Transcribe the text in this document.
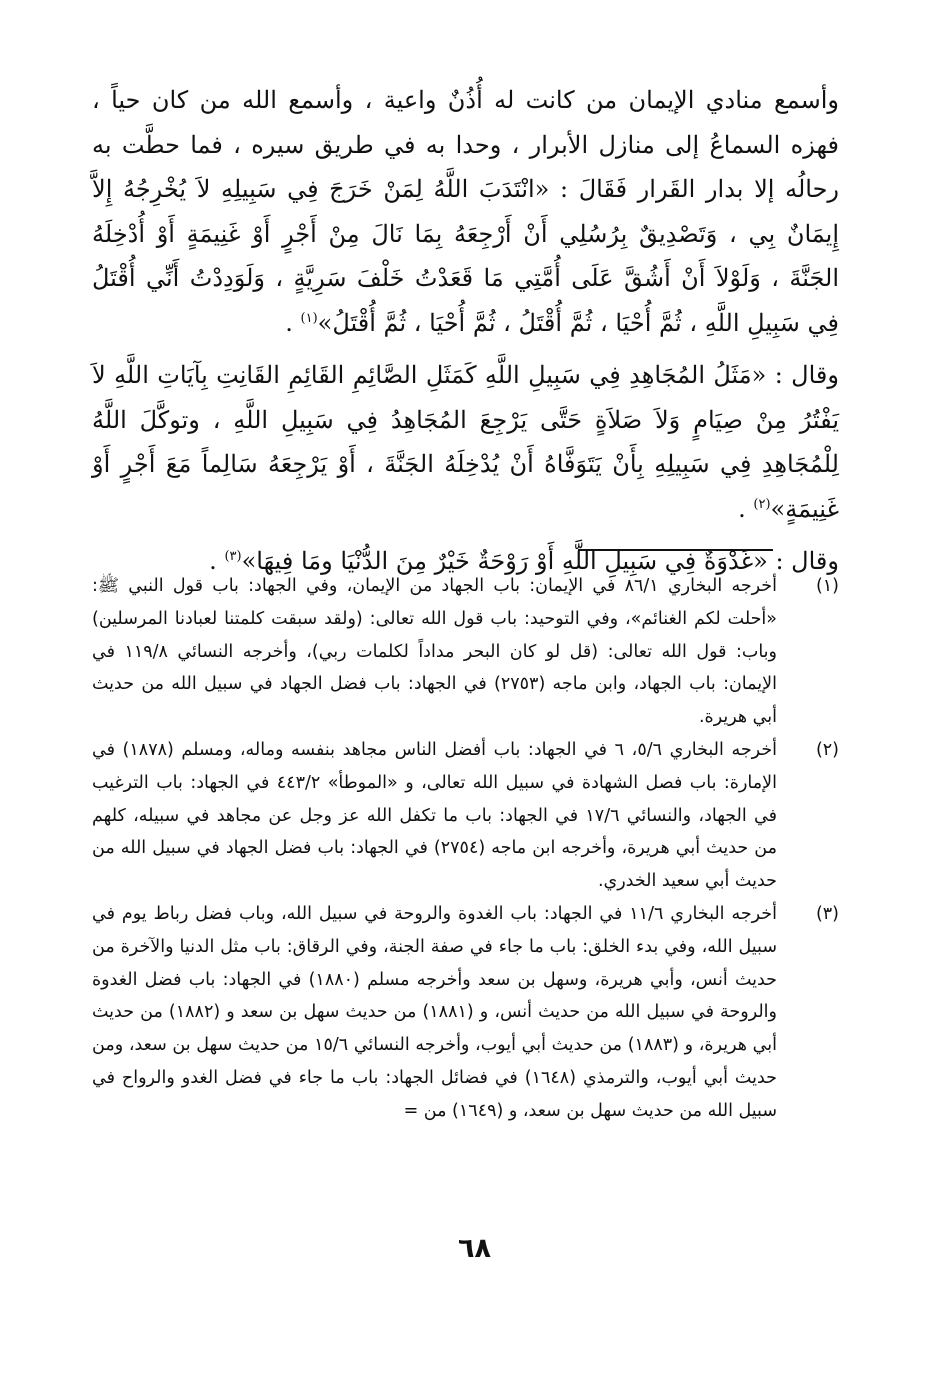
وأسمع منادي الإيمان من كانت له أُذُنٌ واعية ، وأسمع الله من كان حياً ، فهزه السماعُ إلى منازل الأبرار ، وحدا به في طريق سيره ، فما حطَّت به رحالُه إلا بدار القَرار فَقَالَ : «انْتَدَبَ اللَّهُ لِمَنْ خَرَجَ فِي سَبِيلِهِ لاَ يُخْرِجُهُ إِلاَّ إِيمَانٌ بِي ، وَتَصْدِيقٌ بِرُسُلِي أَنْ أَرْجِعَهُ بِمَا نَالَ مِنْ أَجْرٍ أَوْ غَنِيمَةٍ أَوْ أُدْخِلَهُ الجَنَّةَ ، وَلَوْلاَ أَنْ أَشُقَّ عَلَى أُمَّتِي مَا قَعَدْتُ خَلْفَ سَرِيَّةٍ ، وَلَوَدِدْتُ أَنِّي أُقْتَلُ فِي سَبِيلِ اللَّهِ ، ثُمَّ أُحْيَا ، ثُمَّ أُقْتَلُ ، ثُمَّ أُحْيَا ، ثُمَّ أُقْتَلُ»$^{(١)}$ .

وقال : «مَثَلُ المُجَاهِدِ فِي سَبِيلِ اللَّهِ كَمَثَلِ الصَّائِمِ القَائِمِ القَانِتِ بِآيَاتِ اللَّهِ لاَ يَفْتُرُ مِنْ صِيَامٍ وَلاَ صَلاَةٍ حَتَّى يَرْجِعَ المُجَاهِدُ فِي سَبِيلِ اللَّهِ ، وتوكَّلَ اللَّهُ لِلْمُجَاهِدِ فِي سَبِيلِهِ بِأَنْ يَتَوَفَّاهُ أَنْ يُدْخِلَهُ الجَنَّةَ ، أَوْ يَرْجِعَهُ سَالِماً مَعَ أَجْرٍ أَوْ غَنِيمَةٍ»$^{(٢)}$ .

وقال : «غَدْوَةٌ فِي سَبِيلِ اللَّهِ أَوْ رَوْحَةٌ خَيْرٌ مِنَ الدُّنْيَا ومَا فِيهَا»$^{(٣)}$ .

(١)
أخرجه البخاري ٨٦/١ في الإيمان: باب الجهاد من الإيمان، وفي الجهاد: باب قول النبي ﷺ: «أحلت لكم الغنائم»، وفي التوحيد: باب قول الله تعالى: (ولقد سبقت كلمتنا لعبادنا المرسلين) وباب: قول الله تعالى: (قل لو كان البحر مداداً لكلمات ربي)، وأخرجه النسائي ١١٩/٨ في الإيمان: باب الجهاد، وابن ماجه (٢٧٥٣) في الجهاد: باب فضل الجهاد في سبيل الله من حديث أبي هريرة.
(٢)
أخرجه البخاري ٥/٦، ٦ في الجهاد: باب أفضل الناس مجاهد بنفسه وماله، ومسلم (١٨٧٨) في الإمارة: باب فصل الشهادة في سبيل الله تعالى، و «الموطأ» ٤٤٣/٢ في الجهاد: باب الترغيب في الجهاد، والنسائي ١٧/٦ في الجهاد: باب ما تكفل الله عز وجل عن مجاهد في سبيله، كلهم من حديث أبي هريرة، وأخرجه ابن ماجه (٢٧٥٤) في الجهاد: باب فضل الجهاد في سبيل الله من حديث أبي سعيد الخدري.
(٣)
أخرجه البخاري ١١/٦ في الجهاد: باب الغدوة والروحة في سبيل الله، وباب فضل رباط يوم في سبيل الله، وفي بدء الخلق: باب ما جاء في صفة الجنة، وفي الرقاق: باب مثل الدنيا والآخرة من حديث أنس، وأبي هريرة، وسهل بن سعد وأخرجه مسلم (١٨٨٠) في الجهاد: باب فضل الغدوة والروحة في سبيل الله من حديث أنس، و (١٨٨١) من حديث سهل بن سعد و (١٨٨٢) من حديث أبي هريرة، و (١٨٨٣) من حديث أبي أيوب، وأخرجه النسائي ١٥/٦ من حديث سهل بن سعد، ومن حديث أبي أيوب، والترمذي (١٦٤٨) في فضائل الجهاد: باب ما جاء في فضل الغدو والرواح في سبيل الله من حديث سهل بن سعد، و (١٦٤٩) من =
٦٨
